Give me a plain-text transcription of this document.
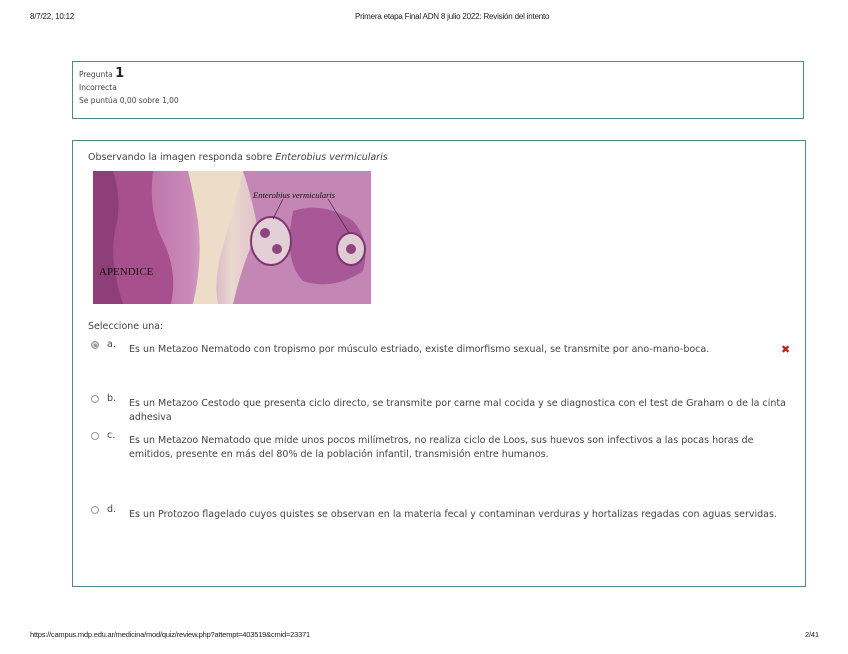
8/7/22, 10:12	Primera etapa Final ADN 8 julio 2022: Revisión del intento
Pregunta 1
Incorrecta
Se puntúa 0,00 sobre 1,00
Observando la imagen responda sobre Enterobius vermicularis
Enterobius vermicularis
APENDICE
Seleccione una:
a. Es un Metazoo Nematodo con tropismo por músculo estriado, existe dimorfismo sexual, se transmite por ano-mano-boca.	✖
b. Es un Metazoo Cestodo que presenta ciclo directo, se transmite por carne mal cocida y se diagnostica con el test de Graham o de la cinta adhesiva
c. Es un Metazoo Nematodo que mide unos pocos milímetros, no realiza ciclo de Loos, sus huevos son infectivos a las pocas horas de emitidos, presente en más del 80% de la población infantil, transmisión entre humanos.
d. Es un Protozoo flagelado cuyos quistes se observan en la materia fecal y contaminan verduras y hortalizas regadas con aguas servidas.
https://campus.mdp.edu.ar/medicina/mod/quiz/review.php?attempt=403519&cmid=23371	2/41
